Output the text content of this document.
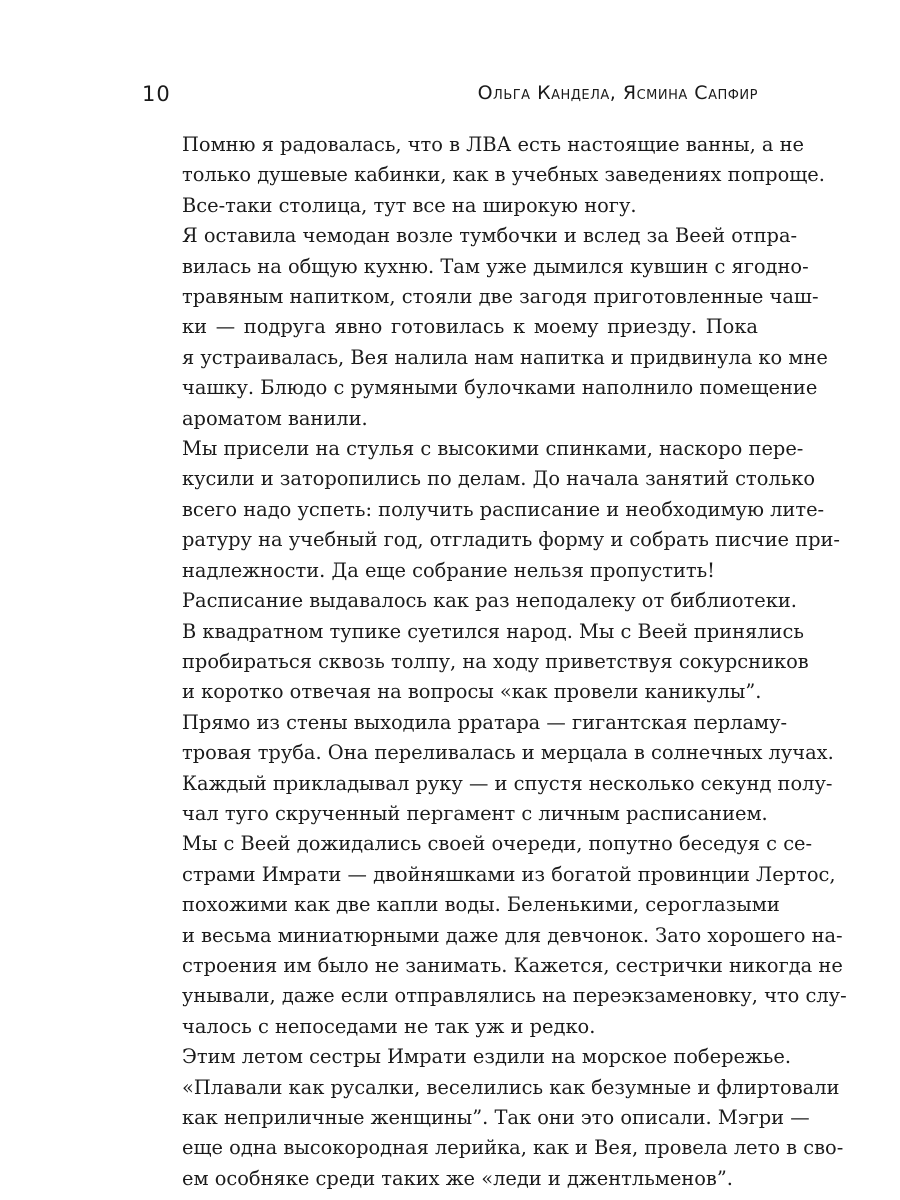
10	Ольга Кандела, Ясмина Сапфир

Помню я радовалась, что в ЛВА есть настоящие ванны, а не
только душевые кабинки, как в учебных заведениях попроще.
Все-таки столица, тут все на широкую ногу.

Я оставила чемодан возле тумбочки и вслед за Веей отпра-
вилась на общую кухню. Там уже дымился кувшин с ягодно-
травяным напитком, стояли две загодя приготовленные чаш-
ки — подруга явно готовилась к моему приезду. Пока
я устраивалась, Вея налила нам напитка и придвинула ко мне
чашку. Блюдо с румяными булочками наполнило помещение
ароматом ванили.

Мы присели на стулья с высокими спинками, наскоро пере-
кусили и заторопились по делам. До начала занятий столько
всего надо успеть: получить расписание и необходимую лите-
ратуру на учебный год, отгладить форму и собрать писчие при-
надлежности. Да еще собрание нельзя пропустить!

Расписание выдавалось как раз неподалеку от библиотеки.
В квадратном тупике суетился народ. Мы с Веей принялись
пробираться сквозь толпу, на ходу приветствуя сокурсников
и коротко отвечая на вопросы «как провели каникулы”.

Прямо из стены выходила рратара — гигантская перламу-
тровая труба. Она переливалась и мерцала в солнечных лучах.
Каждый прикладывал руку — и спустя несколько секунд полу-
чал туго скрученный пергамент с личным расписанием.

Мы с Веей дожидались своей очереди, попутно беседуя с се-
страми Имрати — двойняшками из богатой провинции Лертос,
похожими как две капли воды. Беленькими, сероглазыми
и весьма миниатюрными даже для девчонок. Зато хорошего на-
строения им было не занимать. Кажется, сестрички никогда не
унывали, даже если отправлялись на переэкзаменовку, что слу-
чалось с непоседами не так уж и редко.

Этим летом сестры Имрати ездили на морское побережье.
«Плавали как русалки, веселились как безумные и флиртовали
как неприличные женщины”. Так они это описали. Мэгри —
еще одна высокородная лерийка, как и Вея, провела лето в сво-
ем особняке среди таких же «леди и джентльменов”.
